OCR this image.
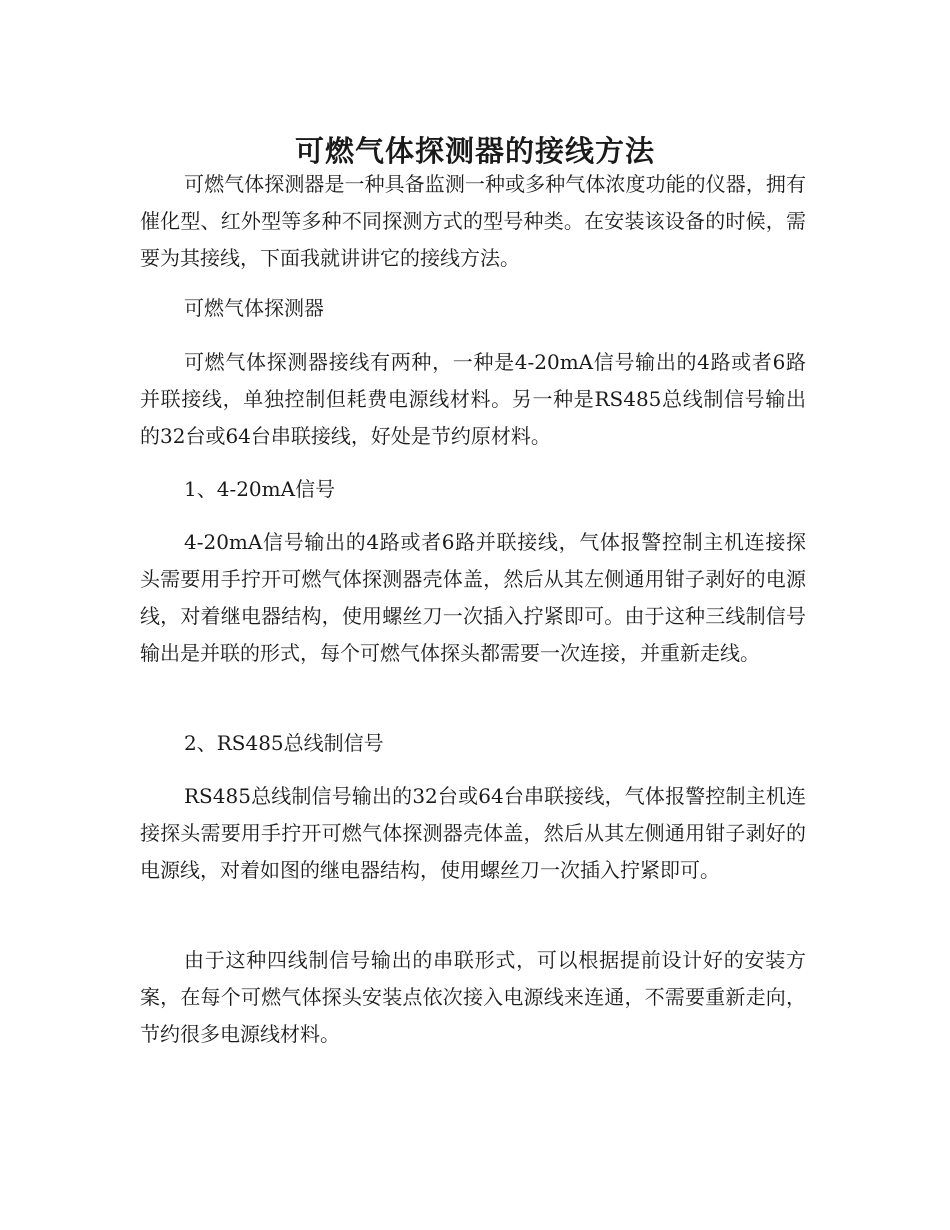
可燃气体探测器的接线方法

可燃气体探测器是一种具备监测一种或多种气体浓度功能的仪器，拥有催化型、红外型等多种不同探测方式的型号种类。在安装该设备的时候，需要为其接线，下面我就讲讲它的接线方法。

可燃气体探测器

可燃气体探测器接线有两种，一种是4-20mA信号输出的4路或者6路并联接线，单独控制但耗费电源线材料。另一种是RS485总线制信号输出的32台或64台串联接线，好处是节约原材料。

1、4-20mA信号

4-20mA信号输出的4路或者6路并联接线，气体报警控制主机连接探头需要用手拧开可燃气体探测器壳体盖，然后从其左侧通用钳子剥好的电源线，对着继电器结构，使用螺丝刀一次插入拧紧即可。由于这种三线制信号输出是并联的形式，每个可燃气体探头都需要一次连接，并重新走线。

2、RS485总线制信号

RS485总线制信号输出的32台或64台串联接线，气体报警控制主机连接探头需要用手拧开可燃气体探测器壳体盖，然后从其左侧通用钳子剥好的电源线，对着如图的继电器结构，使用螺丝刀一次插入拧紧即可。

由于这种四线制信号输出的串联形式，可以根据提前设计好的安装方案，在每个可燃气体探头安装点依次接入电源线来连通，不需要重新走向，节约很多电源线材料。
